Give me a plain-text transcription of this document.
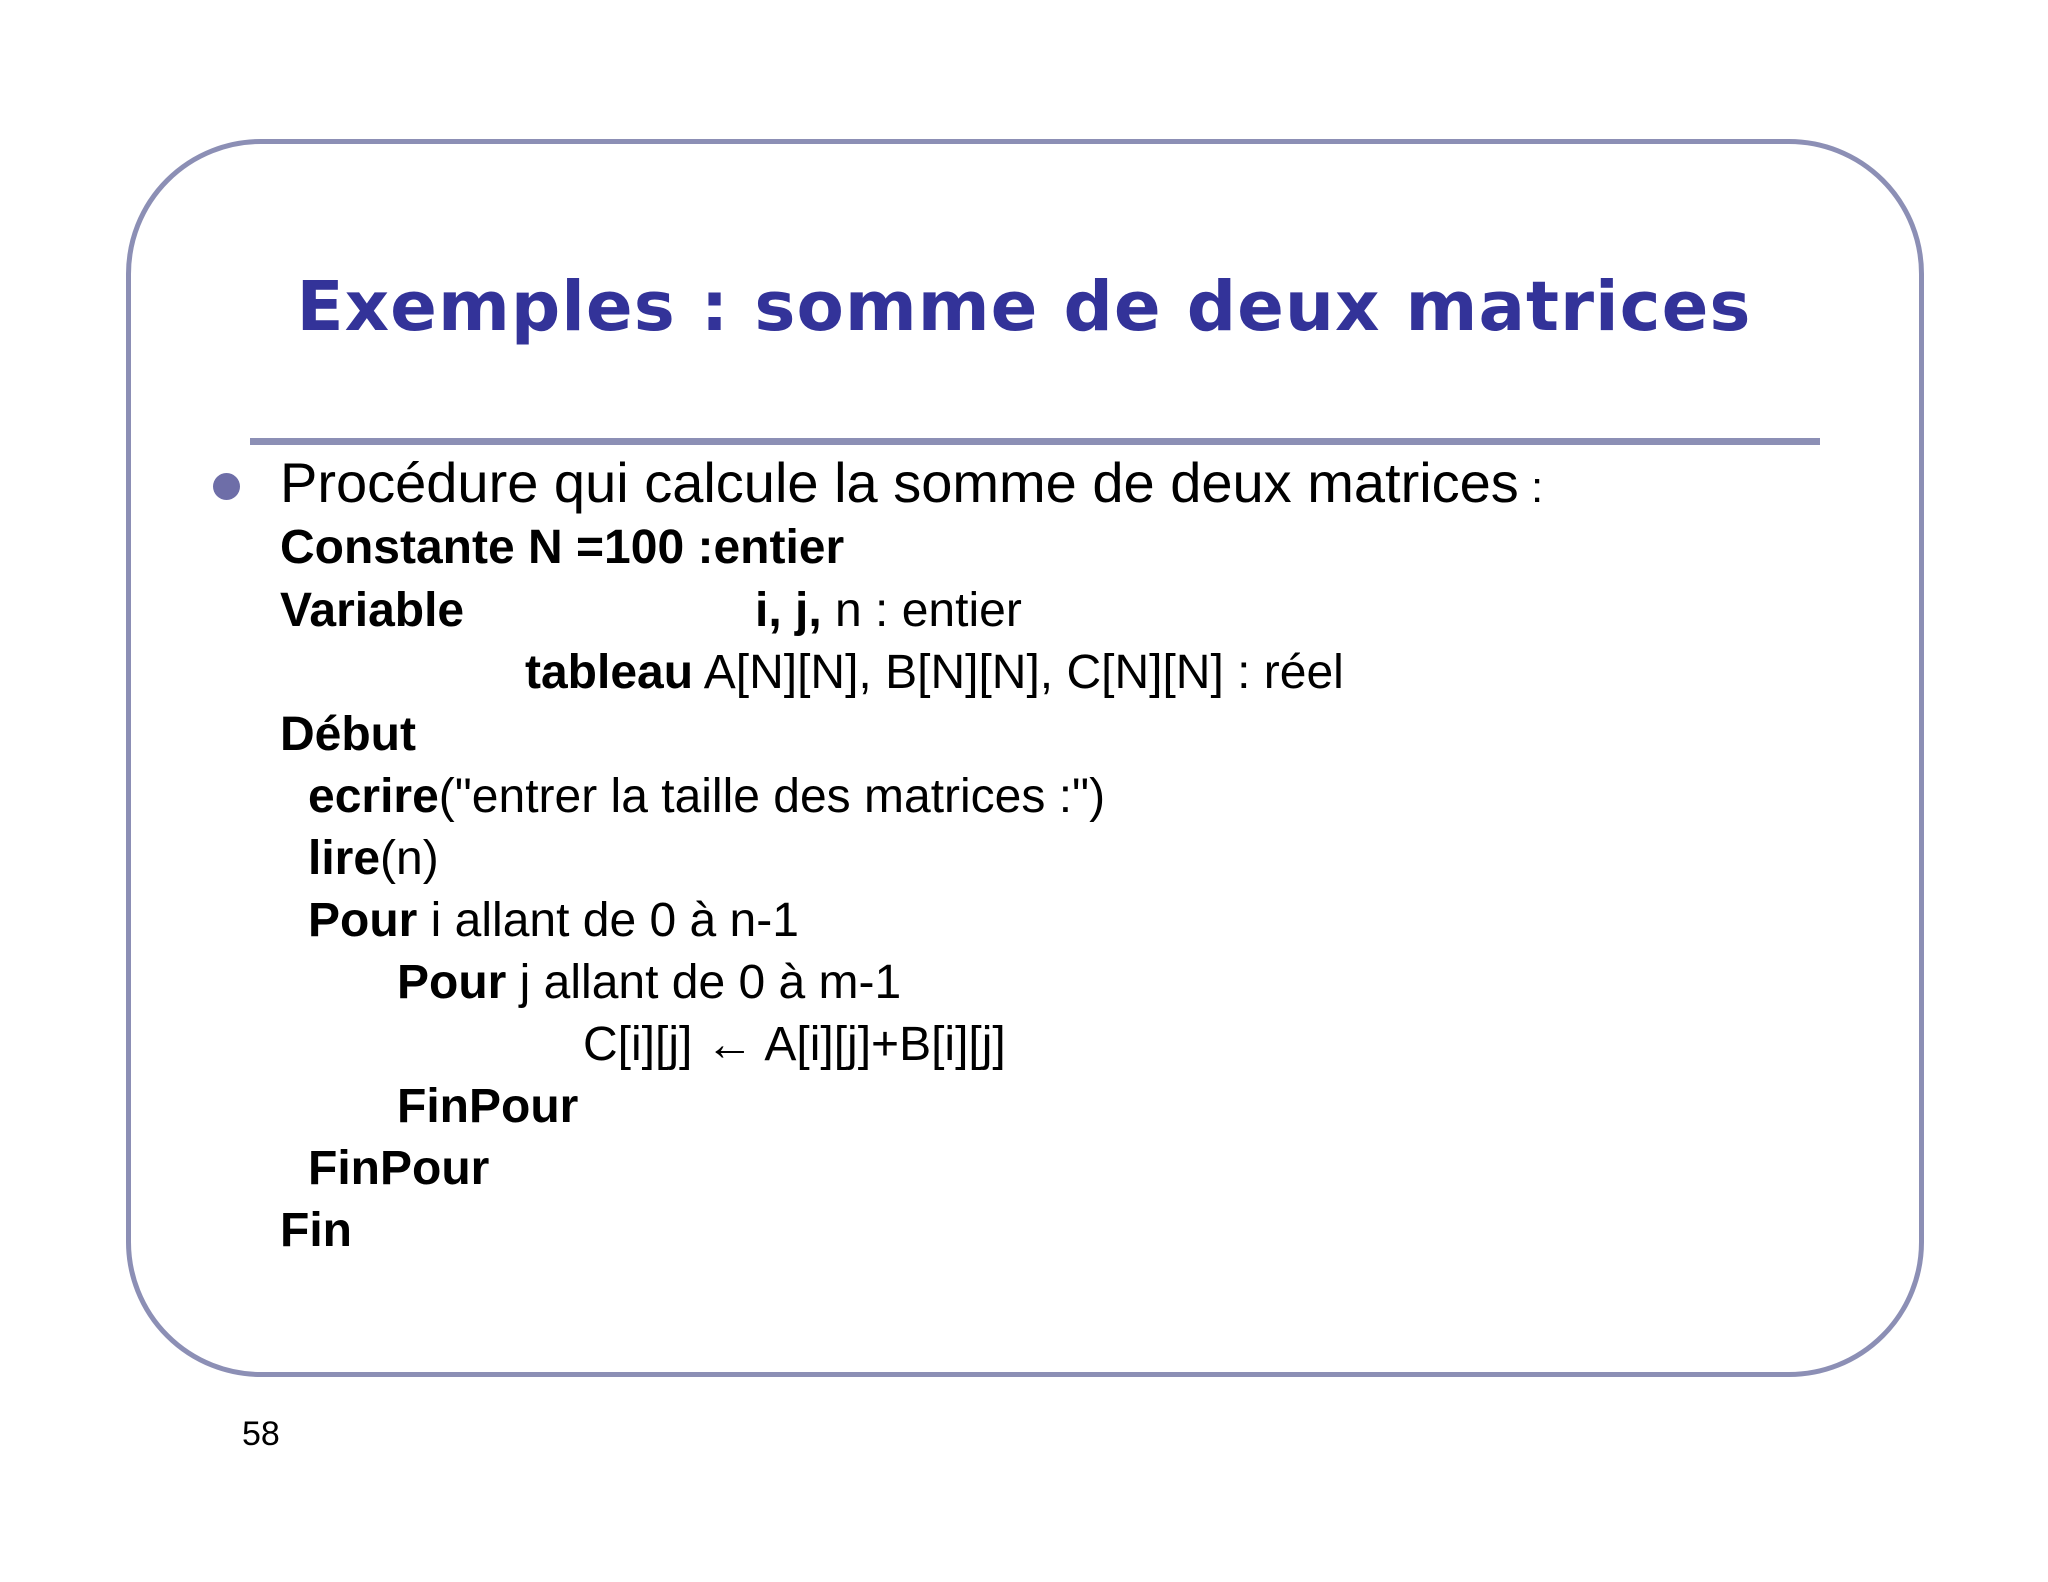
Exemples : somme de deux matrices
Procédure qui calcule la somme de deux matrices :
Constante N =100 :entier
Variable	i, j, n : entier
tableau A[N][N], B[N][N], C[N][N] : réel
Début
ecrire("entrer la taille des matrices :")
lire(n)
Pour i allant de 0 à n-1
Pour j allant de 0 à m-1
C[i][j] ← A[i][j]+B[i][j]
FinPour
FinPour
Fin
58
